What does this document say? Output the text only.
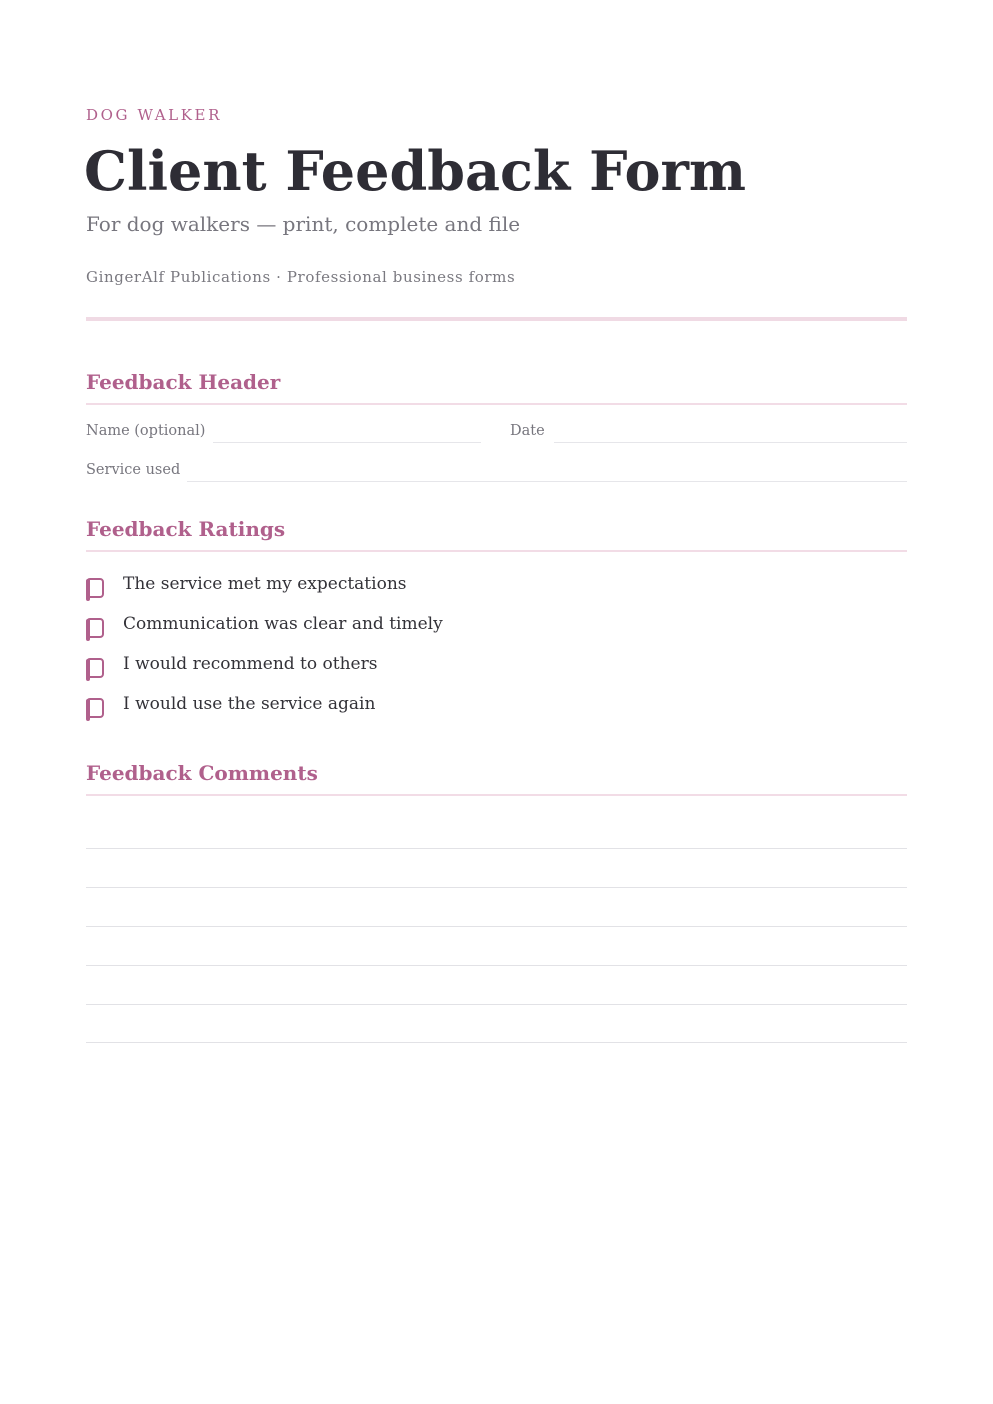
DOG WALKER
Client Feedback Form
For dog walkers — print, complete and file
GingerAlf Publications · Professional business forms
Feedback Header
Name (optional)	Date
Service used
Feedback Ratings
The service met my expectations
Communication was clear and timely
I would recommend to others
I would use the service again
Feedback Comments
